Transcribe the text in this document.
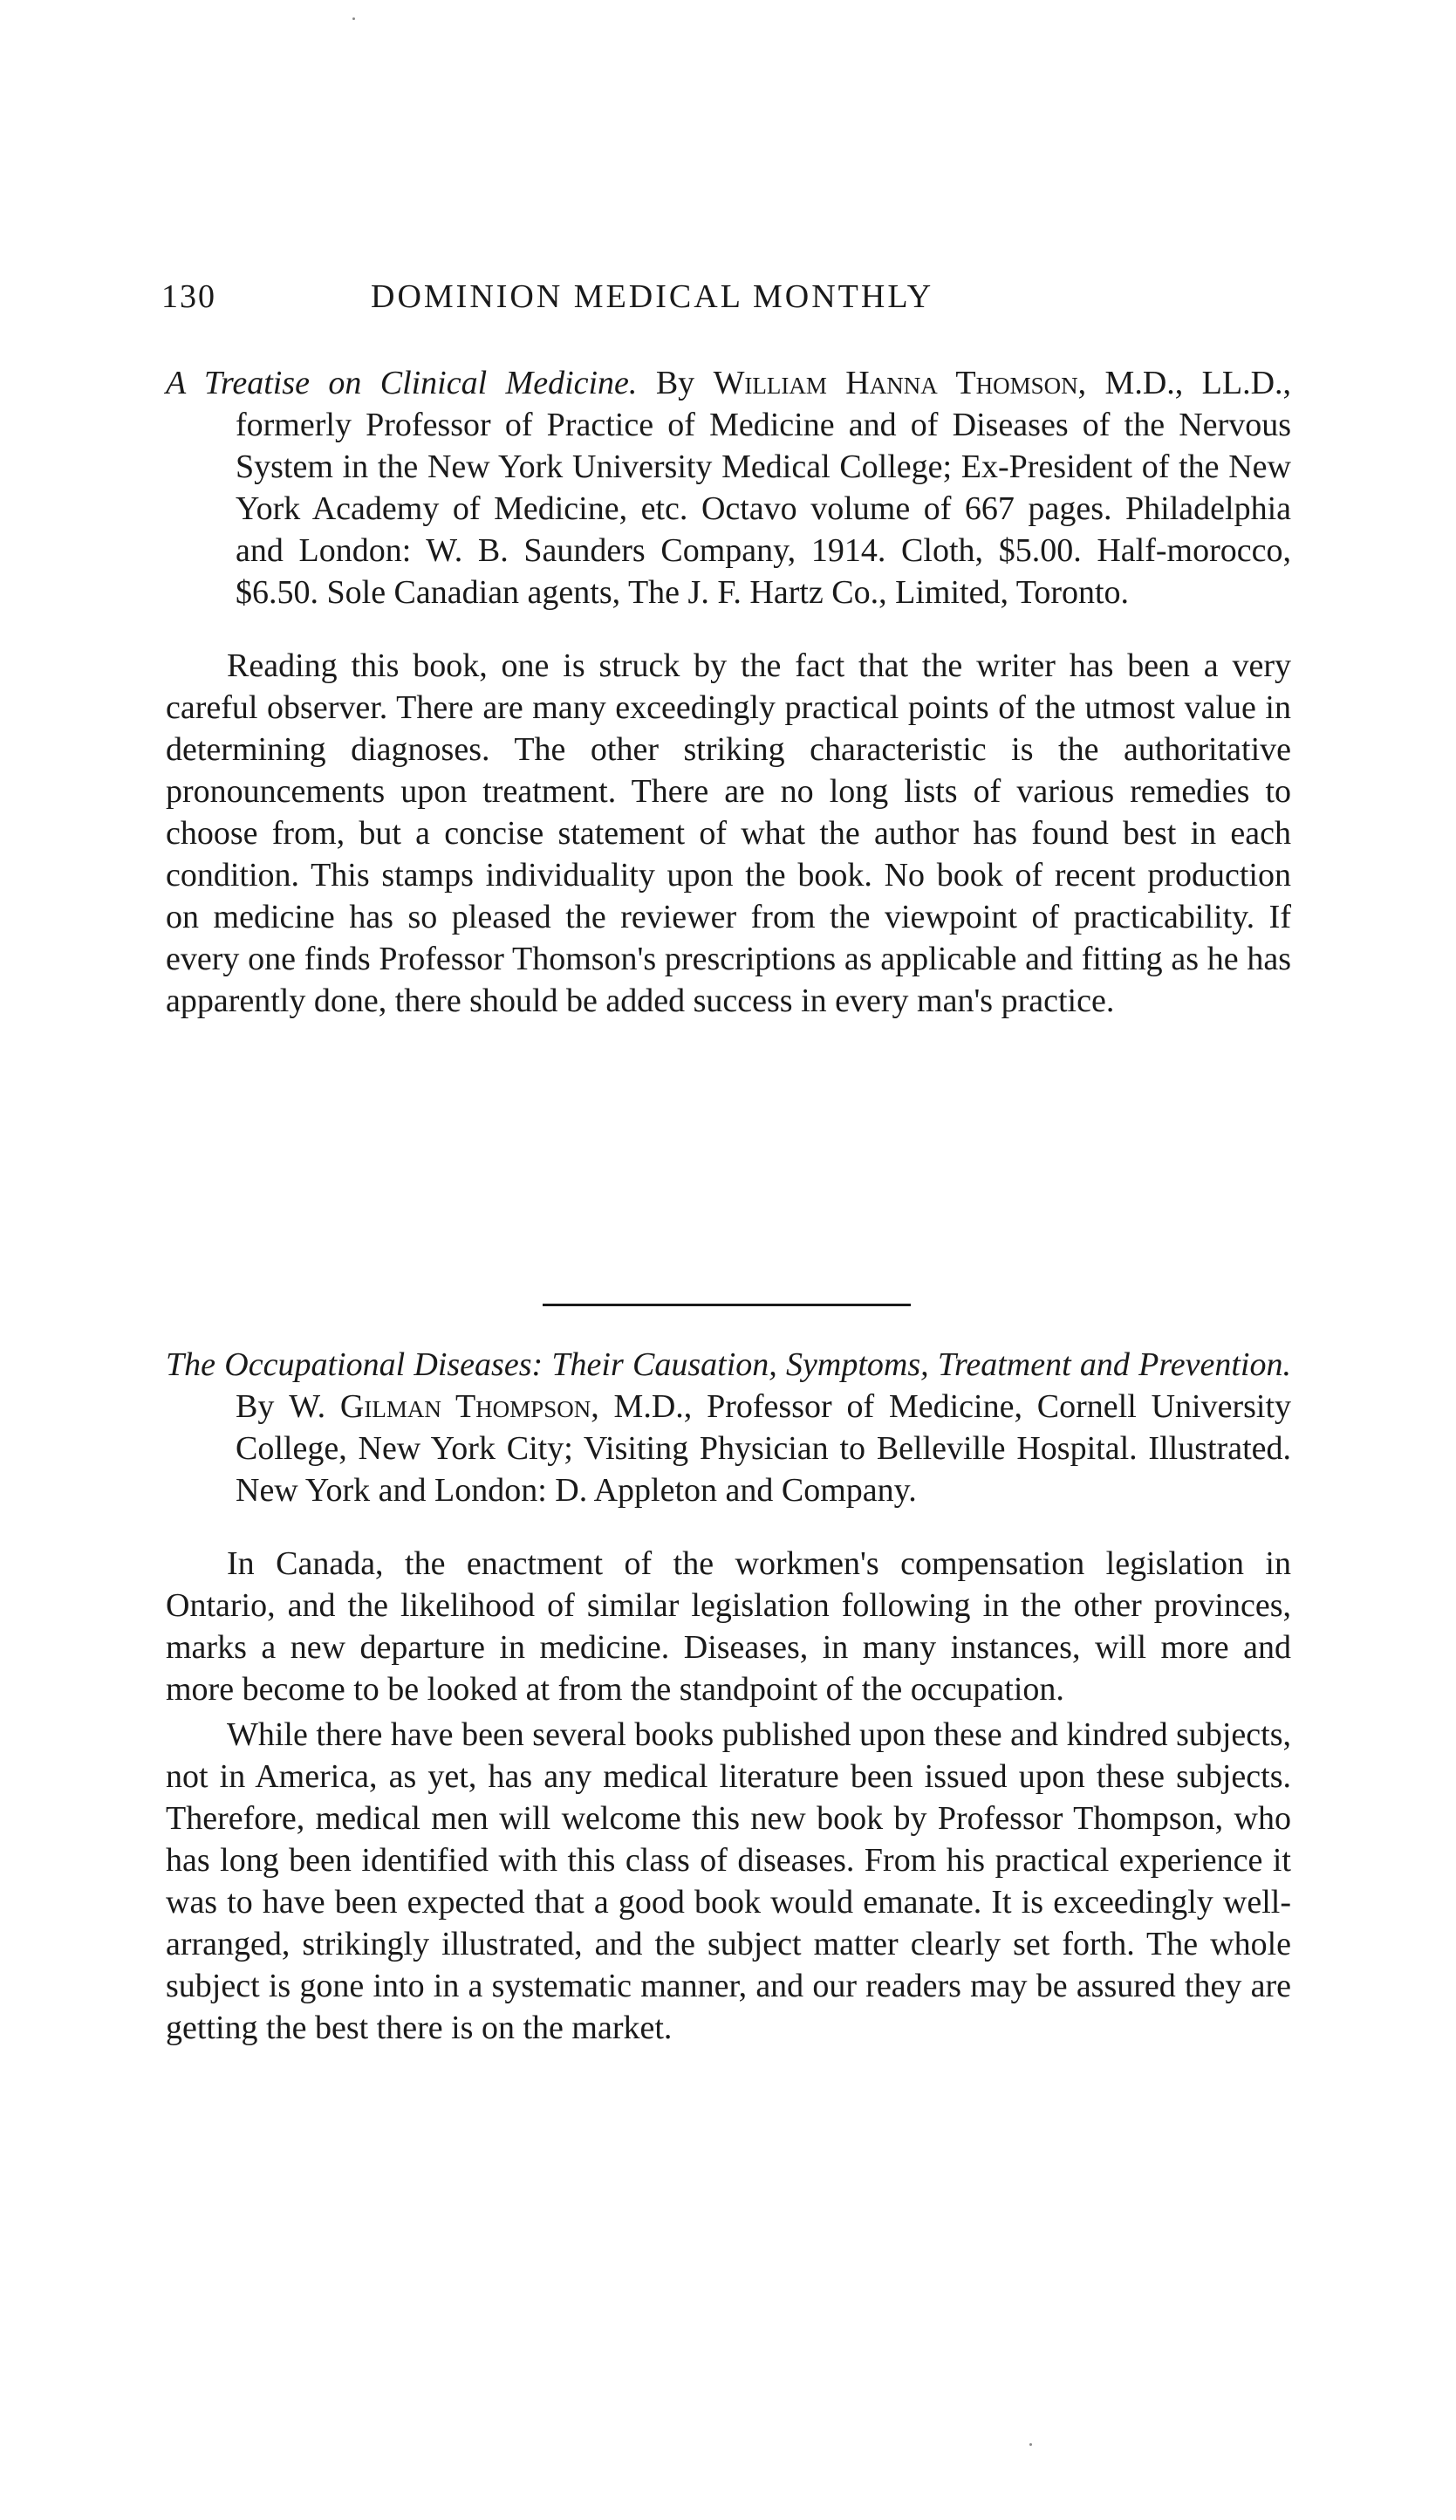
130	DOMINION MEDICAL MONTHLY

A Treatise on Clinical Medicine. By William Hanna Thomson, M.D., LL.D., formerly Professor of Practice of Medicine and of Diseases of the Nervous System in the New York University Medical College; Ex-President of the New York Academy of Medicine, etc. Octavo volume of 667 pages. Philadelphia and London: W. B. Saunders Company, 1914. Cloth, $5.00. Half-morocco, $6.50. Sole Canadian agents, The J. F. Hartz Co., Limited, Toronto.

Reading this book, one is struck by the fact that the writer has been a very careful observer. There are many exceedingly practical points of the utmost value in determining diagnoses. The other striking characteristic is the authoritative pronouncements upon treatment. There are no long lists of various remedies to choose from, but a concise statement of what the author has found best in each condition. This stamps individuality upon the book. No book of recent production on medicine has so pleased the reviewer from the viewpoint of practicability. If every one finds Professor Thomson's prescriptions as applicable and fitting as he has apparently done, there should be added success in every man's practice.

The Occupational Diseases: Their Causation, Symptoms, Treatment and Prevention. By W. Gilman Thompson, M.D., Professor of Medicine, Cornell University College, New York City; Visiting Physician to Belleville Hospital. Illustrated. New York and London: D. Appleton and Company.

In Canada, the enactment of the workmen's compensation legislation in Ontario, and the likelihood of similar legislation following in the other provinces, marks a new departure in medicine. Diseases, in many instances, will more and more become to be looked at from the standpoint of the occupation.

While there have been several books published upon these and kindred subjects, not in America, as yet, has any medical literature been issued upon these subjects. Therefore, medical men will welcome this new book by Professor Thompson, who has long been identified with this class of diseases. From his practical experience it was to have been expected that a good book would emanate. It is exceedingly well-arranged, strikingly illustrated, and the subject matter clearly set forth. The whole subject is gone into in a systematic manner, and our readers may be assured they are getting the best there is on the market.
